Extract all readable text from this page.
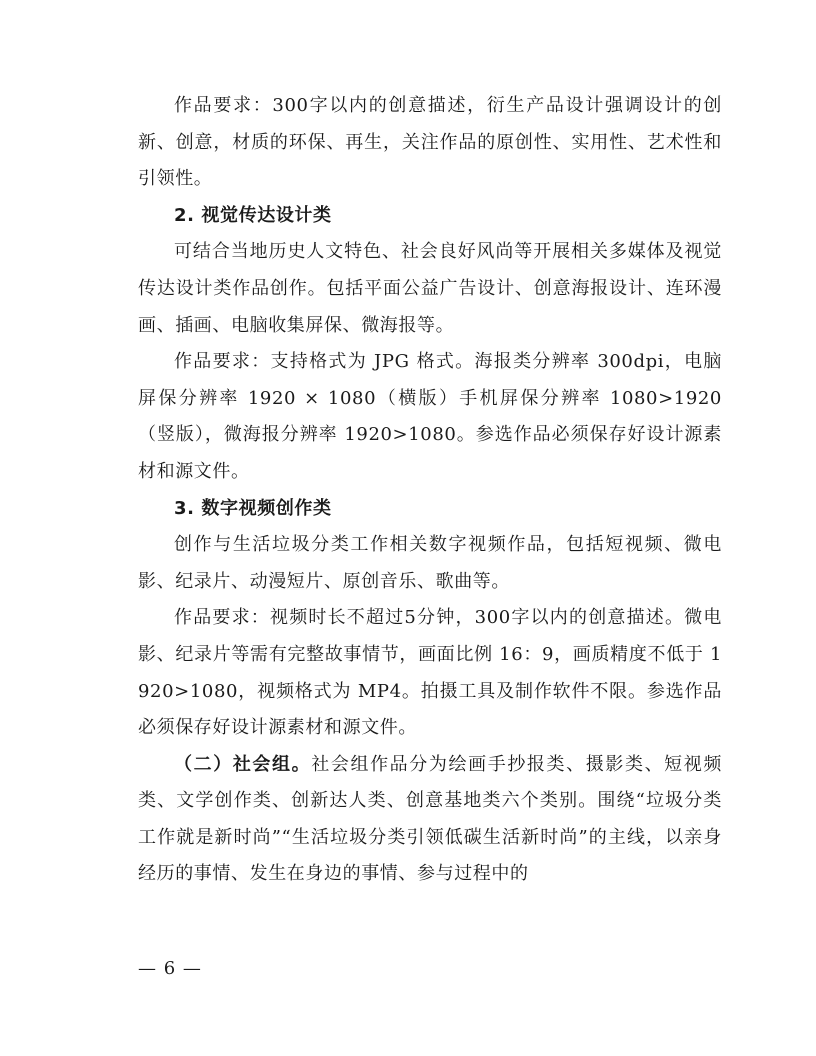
作品要求：300字以内的创意描述，衍生产品设计强调设计的创新、创意，材质的环保、再生，关注作品的原创性、实用性、艺术性和引领性。

2. 视觉传达设计类

可结合当地历史人文特色、社会良好风尚等开展相关多媒体及视觉传达设计类作品创作。包括平面公益广告设计、创意海报设计、连环漫画、插画、电脑收集屏保、微海报等。

作品要求：支持格式为 JPG 格式。海报类分辨率 300dpi，电脑屏保分辨率 1920 × 1080（横版）手机屏保分辨率 1080>1920（竖版），微海报分辨率 1920>1080。参选作品必须保存好设计源素材和源文件。

3. 数字视频创作类

创作与生活垃圾分类工作相关数字视频作品，包括短视频、微电影、纪录片、动漫短片、原创音乐、歌曲等。

作品要求：视频时长不超过5分钟，300字以内的创意描述。微电影、纪录片等需有完整故事情节，画面比例 16：9，画质精度不低于 1920>1080，视频格式为 MP4。拍摄工具及制作软件不限。参选作品必须保存好设计源素材和源文件。

（二）社会组。社会组作品分为绘画手抄报类、摄影类、短视频类、文学创作类、创新达人类、创意基地类六个类别。围绕“垃圾分类工作就是新时尚”“生活垃圾分类引领低碳生活新时尚”的主线，以亲身经历的事情、发生在身边的事情、参与过程中的

— 6 —
